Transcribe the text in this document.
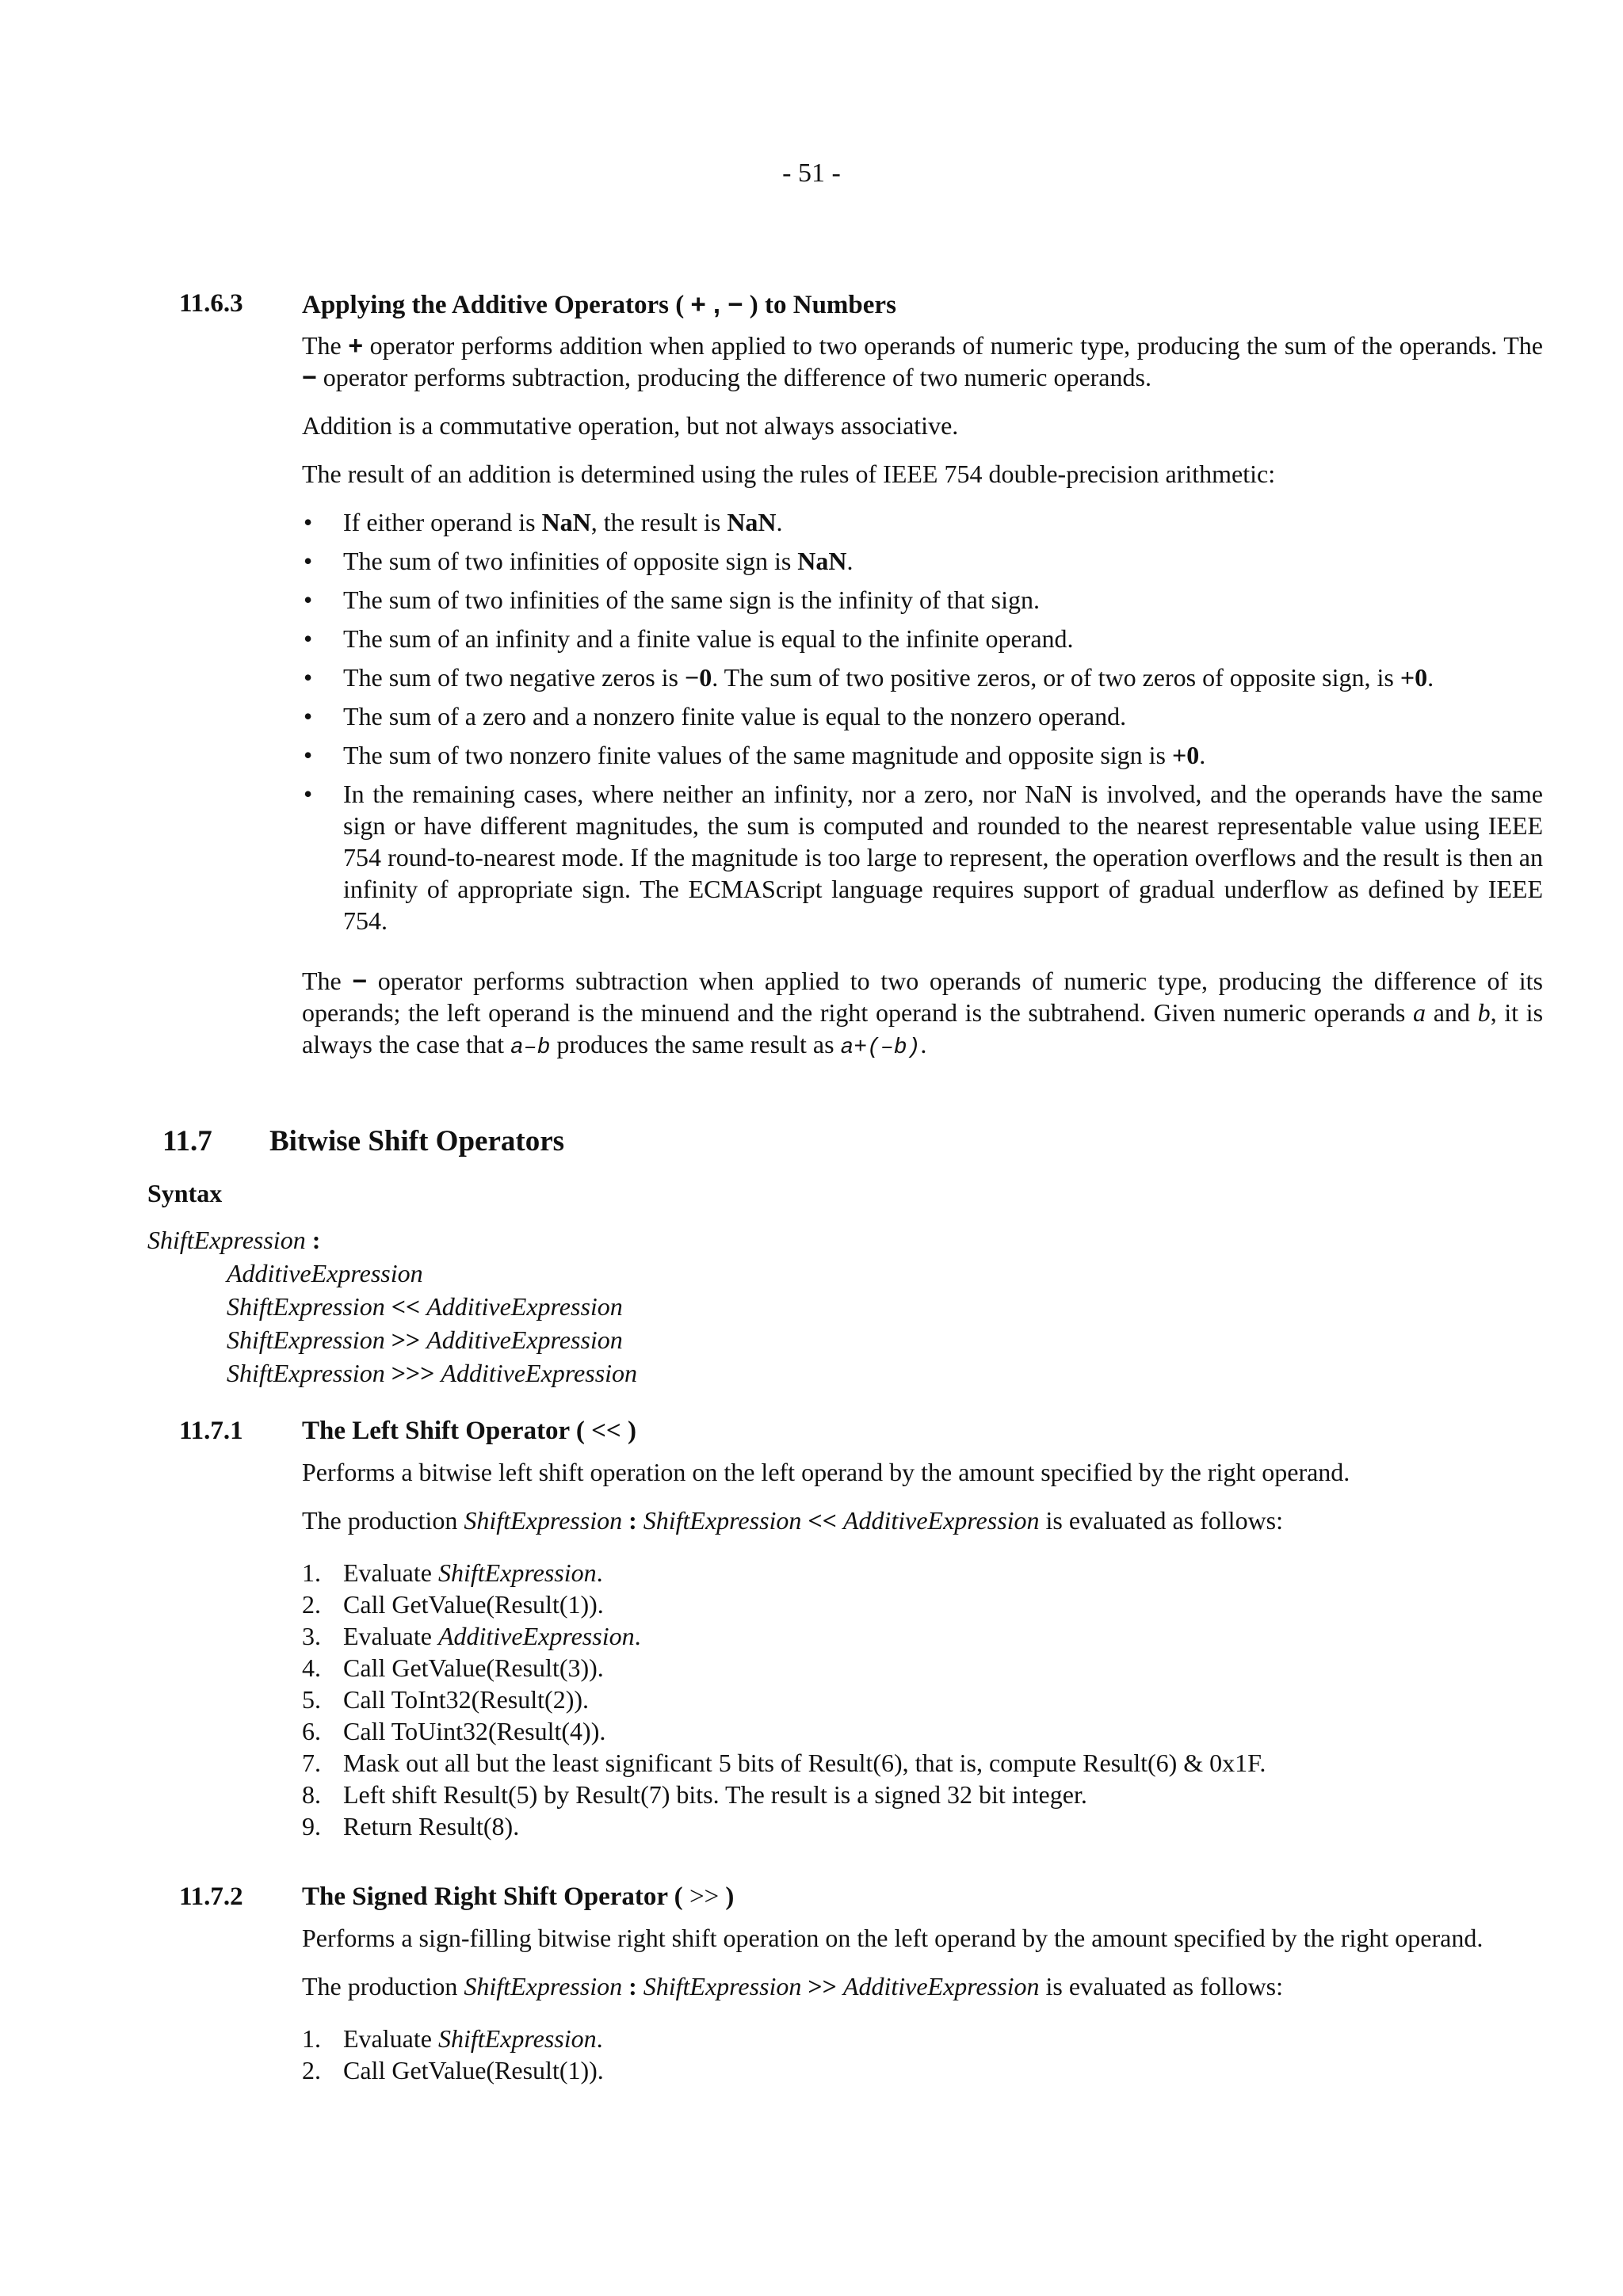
- 51 -
11.6.3 Applying the Additive Operators ( + , − ) to Numbers

The + operator performs addition when applied to two operands of numeric type, producing the sum of the operands. The − operator performs subtraction, producing the difference of two numeric operands.

Addition is a commutative operation, but not always associative.

The result of an addition is determined using the rules of IEEE 754 double-precision arithmetic:

• If either operand is NaN, the result is NaN.
• The sum of two infinities of opposite sign is NaN.
• The sum of two infinities of the same sign is the infinity of that sign.
• The sum of an infinity and a finite value is equal to the infinite operand.
• The sum of two negative zeros is −0. The sum of two positive zeros, or of two zeros of opposite sign, is +0.
• The sum of a zero and a nonzero finite value is equal to the nonzero operand.
• The sum of two nonzero finite values of the same magnitude and opposite sign is +0.
• In the remaining cases, where neither an infinity, nor a zero, nor NaN is involved, and the operands have the same sign or have different magnitudes, the sum is computed and rounded to the nearest representable value using IEEE 754 round-to-nearest mode. If the magnitude is too large to represent, the operation overflows and the result is then an infinity of appropriate sign. The ECMAScript language requires support of gradual underflow as defined by IEEE 754.

The − operator performs subtraction when applied to two operands of numeric type, producing the difference of its operands; the left operand is the minuend and the right operand is the subtrahend. Given numeric operands a and b, it is always the case that a–b produces the same result as a+(–b).

11.7 Bitwise Shift Operators
Syntax
ShiftExpression :
AdditiveExpression
ShiftExpression << AdditiveExpression
ShiftExpression >> AdditiveExpression
ShiftExpression >>> AdditiveExpression
11.7.1 The Left Shift Operator ( << )

Performs a bitwise left shift operation on the left operand by the amount specified by the right operand.

The production ShiftExpression : ShiftExpression << AdditiveExpression is evaluated as follows:

1. Evaluate ShiftExpression.
2. Call GetValue(Result(1)).
3. Evaluate AdditiveExpression.
4. Call GetValue(Result(3)).
5. Call ToInt32(Result(2)).
6. Call ToUint32(Result(4)).
7. Mask out all but the least significant 5 bits of Result(6), that is, compute Result(6) & 0x1F.
8. Left shift Result(5) by Result(7) bits. The result is a signed 32 bit integer.
9. Return Result(8).
11.7.2 The Signed Right Shift Operator ( >> )

Performs a sign-filling bitwise right shift operation on the left operand by the amount specified by the right operand.

The production ShiftExpression : ShiftExpression >> AdditiveExpression is evaluated as follows:

1. Evaluate ShiftExpression.
2. Call GetValue(Result(1)).
